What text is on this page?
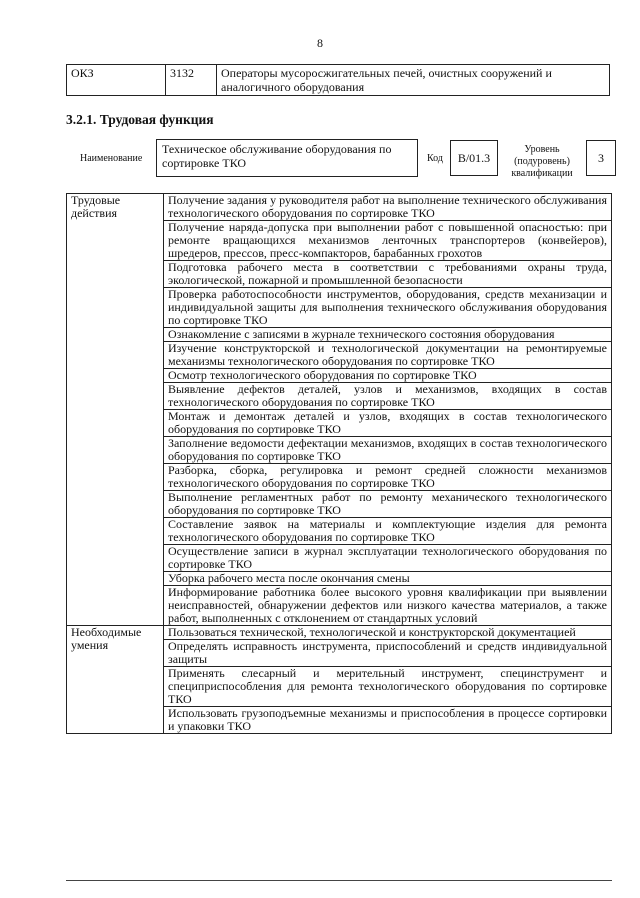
8
ОКЗ	3132	Операторы мусоросжигательных печей, очистных сооружений и аналогичного оборудования
3.2.1. Трудовая функция
Наименование
Техническое обслуживание оборудования по сортировке ТКО	Код	B/01.3
Уровень (подуровень) квалификации
3
Трудовые действия	Получение задания у руководителя работ на выполнение технического обслуживания технологического оборудования по сортировке ТКО
	Получение наряда-допуска при выполнении работ с повышенной опасностью: при ремонте вращающихся механизмов ленточных транспортеров (конвейеров), шредеров, прессов, пресс-компакторов, барабанных грохотов
	Подготовка рабочего места в соответствии с требованиями охраны труда, экологической, пожарной и промышленной безопасности
	Проверка работоспособности инструментов, оборудования, средств механизации и индивидуальной защиты для выполнения технического обслуживания оборудования по сортировке ТКО
	Ознакомление с записями в журнале технического состояния оборудования
	Изучение конструкторской и технологической документации на ремонтируемые механизмы технологического оборудования по сортировке ТКО
	Осмотр технологического оборудования по сортировке ТКО
	Выявление дефектов деталей, узлов и механизмов, входящих в состав технологического оборудования по сортировке ТКО
	Монтаж и демонтаж деталей и узлов, входящих в состав технологического оборудования по сортировке ТКО
	Заполнение ведомости дефектации механизмов, входящих в состав технологического оборудования по сортировке ТКО
	Разборка, сборка, регулировка и ремонт средней сложности механизмов технологического оборудования по сортировке ТКО
	Выполнение регламентных работ по ремонту механического технологического оборудования по сортировке ТКО
	Составление заявок на материалы и комплектующие изделия для ремонта технологического оборудования по сортировке ТКО
	Осуществление записи в журнал эксплуатации технологического оборудования по сортировке ТКО
	Уборка рабочего места после окончания смены
	Информирование работника более высокого уровня квалификации при выявлении неисправностей, обнаружении дефектов или низкого качества материалов, а также работ, выполненных с отклонением от стандартных условий
Необходимые умения	Пользоваться технической, технологической и конструкторской документацией
	Определять исправность инструмента, приспособлений и средств индивидуальной защиты
	Применять слесарный и мерительный инструмент, специнструмент и специприспособления для ремонта технологического оборудования по сортировке ТКО
	Использовать грузоподъемные механизмы и приспособления в процессе сортировки и упаковки ТКО
